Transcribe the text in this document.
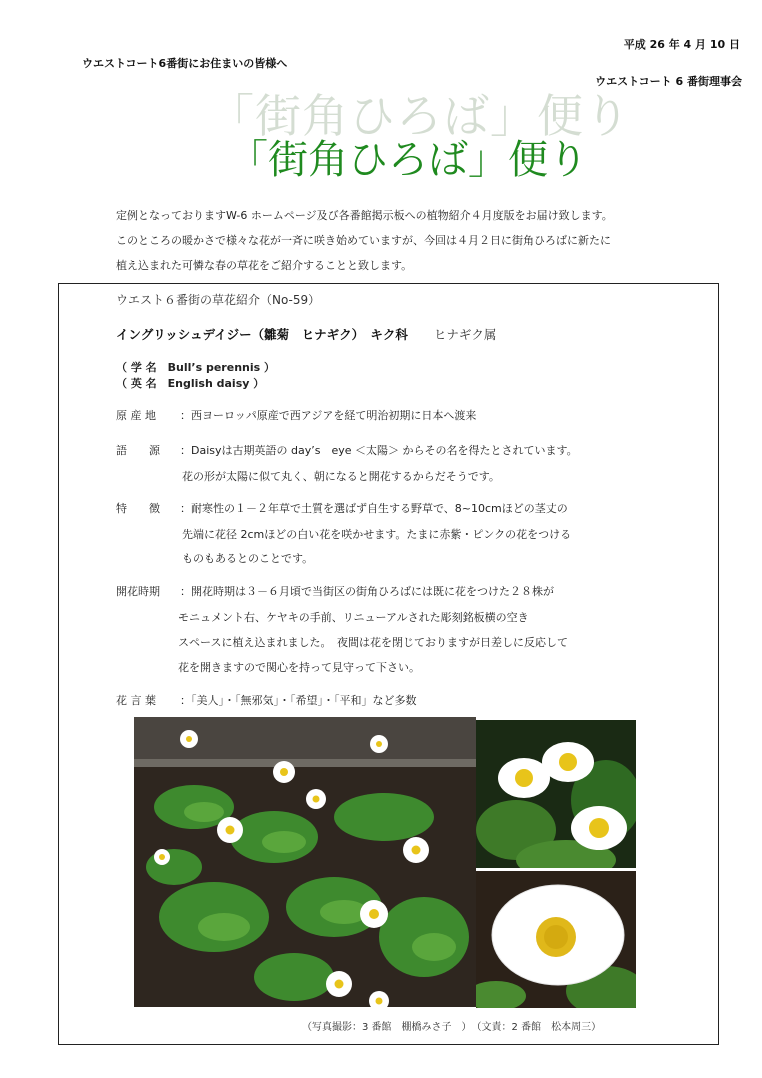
平成 26 年 4 月 10 日
ウエストコート6番街にお住まいの皆様へ
ウエストコート 6 番街理事会
「街角ひろば」便り
「街角ひろば」便り

定例となっておりますW-6 ホームページ及び各番館掲示板への植物紹介４月度版をお届け致します。

このところの暖かさで様々な花が一斉に咲き始めていますが、今回は４月２日に街角ひろばに新たに

植え込まれた可憐な春の草花をご紹介することと致します。

ウエスト６番街の草花紹介（No-59）
イングリッシュデイジー（雛菊　ヒナギク）　キク科 ヒナギク属
（ 学 名　Bull’s perennis ）
（ 英 名　English daisy ）
原 産 地 ：西ヨーロッパ原産で西アジアを経て明治初期に日本へ渡来
語　　源 ：Daisyは古期英語の day’s　eye ＜太陽＞ からその名を得たとされています。
花の形が太陽に似て丸く、朝になると開花するからだそうです。
特　　徴 ：耐寒性の１－２年草で土質を選ばず自生する野草で、8~10cmほどの茎丈の
先端に花径 2cmほどの白い花を咲かせます。たまに赤紫・ピンクの花をつける
ものもあるとのことです。
開花時期 ：開花時期は３－６月頃で当街区の街角ひろばには既に花をつけた２８株が
モニュメント右、ケヤキの手前、リニューアルされた彫刻銘板横の空き
スペースに植え込まれました。　夜間は花を閉じておりますが日差しに反応して
花を開きますので関心を持って見守って下さい。
花 言 葉 ：「美人」・「無邪気」・「希望」・「平和」など多数
（写真撮影：3 番館　棚橋みさ子　）　（文責：2 番館　松本周三）
